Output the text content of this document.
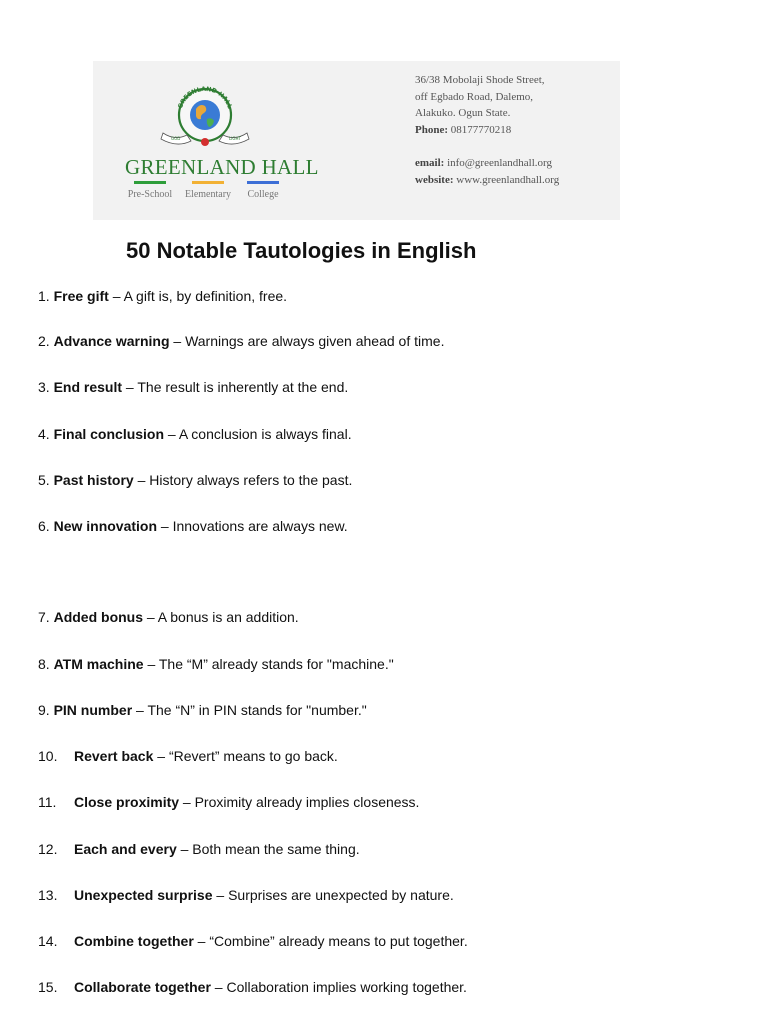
GREENLAND HALL
GOD	LIGHT
GREENLAND HALL
Pre-School	Elementary	College
36/38 Mobolaji Shode Street,
off Egbado Road, Dalemo,
Alakuko. Ogun State.
Phone: 08177770218
email: info@greenlandhall.org
website: www.greenlandhall.org
50 Notable Tautologies in English
1. Free gift – A gift is, by definition, free.
2. Advance warning – Warnings are always given ahead of time.
3. End result – The result is inherently at the end.
4. Final conclusion – A conclusion is always final.
5. Past history – History always refers to the past.
6. New innovation – Innovations are always new.
7. Added bonus – A bonus is an addition.
8. ATM machine – The “M” already stands for "machine."
9. PIN number – The “N” in PIN stands for "number."
10. Revert back – “Revert” means to go back.
11. Close proximity – Proximity already implies closeness.
12. Each and every – Both mean the same thing.
13. Unexpected surprise – Surprises are unexpected by nature.
14. Combine together – “Combine” already means to put together.
15. Collaborate together – Collaboration implies working together.
